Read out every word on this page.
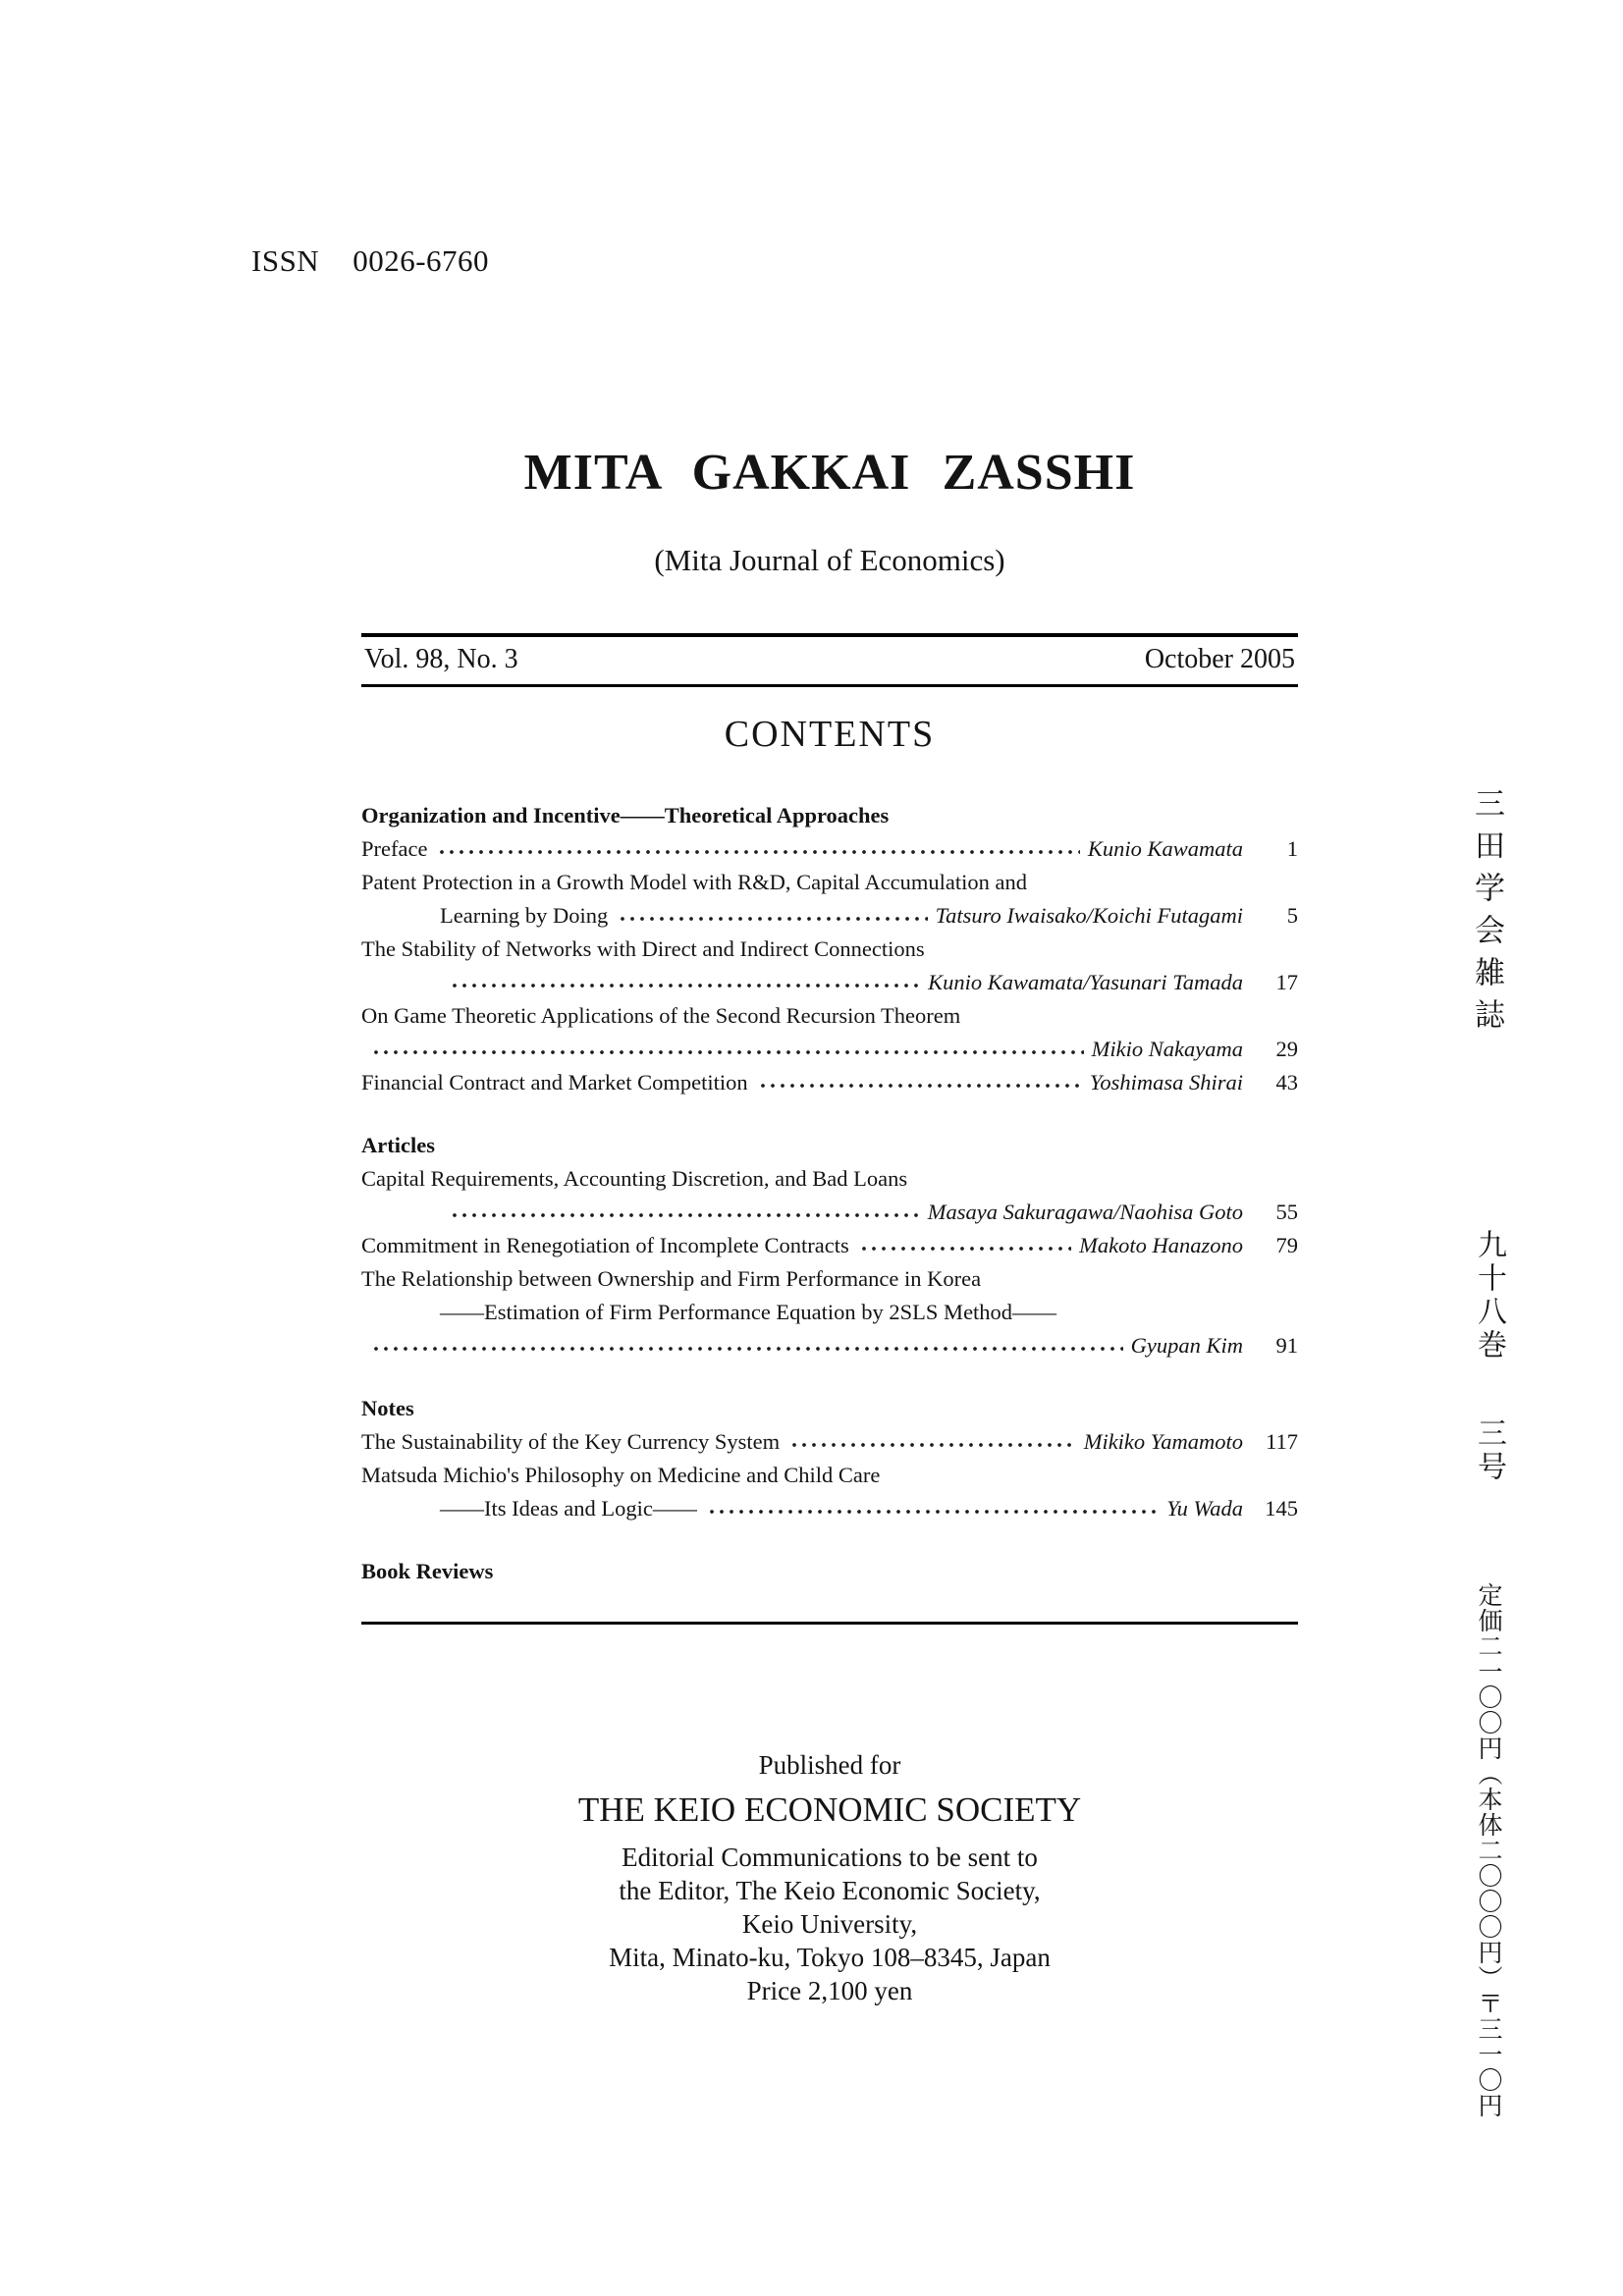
ISSN 0026-6760
MITA GAKKAI ZASSHI
(Mita Journal of Economics)
Vol. 98, No. 3	October 2005
CONTENTS
Organization and Incentive——Theoretical Approaches
Preface	Kunio Kawamata	1
Patent Protection in a Growth Model with R&D, Capital Accumulation and
Learning by Doing	Tatsuro Iwaisako/Koichi Futagami	5
The Stability of Networks with Direct and Indirect Connections
Kunio Kawamata/Yasunari Tamada	17
On Game Theoretic Applications of the Second Recursion Theorem
Mikio Nakayama	29
Financial Contract and Market Competition	Yoshimasa Shirai	43
Articles
Capital Requirements, Accounting Discretion, and Bad Loans
Masaya Sakuragawa/Naohisa Goto	55
Commitment in Renegotiation of Incomplete Contracts	Makoto Hanazono	79
The Relationship between Ownership and Firm Performance in Korea
——Estimation of Firm Performance Equation by 2SLS Method——
Gyupan Kim	91
Notes
The Sustainability of the Key Currency System	Mikiko Yamamoto	117
Matsuda Michio's Philosophy on Medicine and Child Care
——Its Ideas and Logic——	Yu Wada 145
Book Reviews
Published for
THE KEIO ECONOMIC SOCIETY
Editorial Communications to be sent to
the Editor, The Keio Economic Society,
Keio University,
Mita, Minato-ku, Tokyo 108–8345, Japan
Price 2,100 yen
三田学会雑誌
九十八巻
三号
定価二一〇〇円（本体二〇〇〇円）〒三一〇円
